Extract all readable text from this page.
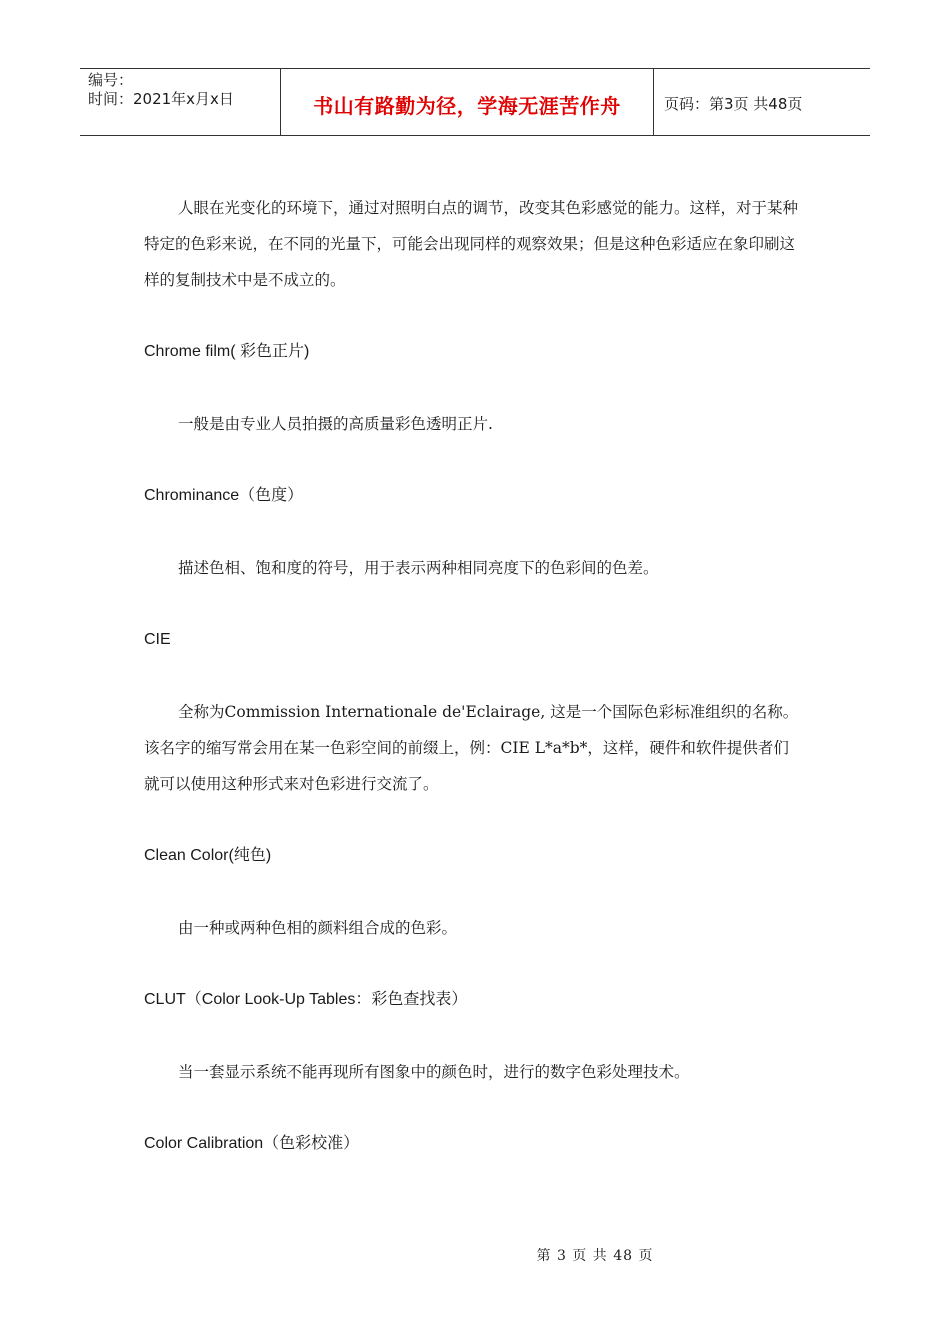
编号：
时间：2021年x月x日	书山有路勤为径，学海无涯苦作舟	页码：第3页 共48页

人眼在光变化的环境下，通过对照明白点的调节，改变其色彩感觉的能力。这样，对于某种特定的色彩来说，在不同的光量下，可能会出现同样的观察效果；但是这种色彩适应在象印刷这样的复制技术中是不成立的。

Chrome film( 彩色正片)

一般是由专业人员拍摄的高质量彩色透明正片.

Chrominance（色度）

描述色相、饱和度的符号，用于表示两种相同亮度下的色彩间的色差。

CIE

全称为Commission Internationale de'Eclairage, 这是一个国际色彩标准组织的名称。该名字的缩写常会用在某一色彩空间的前缀上，例：CIE L*a*b*，这样，硬件和软件提供者们就可以使用这种形式来对色彩进行交流了。

Clean Color(纯色)

由一种或两种色相的颜料组合成的色彩。

CLUT（Color Look-Up Tables：彩色查找表）

当一套显示系统不能再现所有图象中的颜色时，进行的数字色彩处理技术。

Color Calibration（色彩校准）

第 3 页 共 48 页
